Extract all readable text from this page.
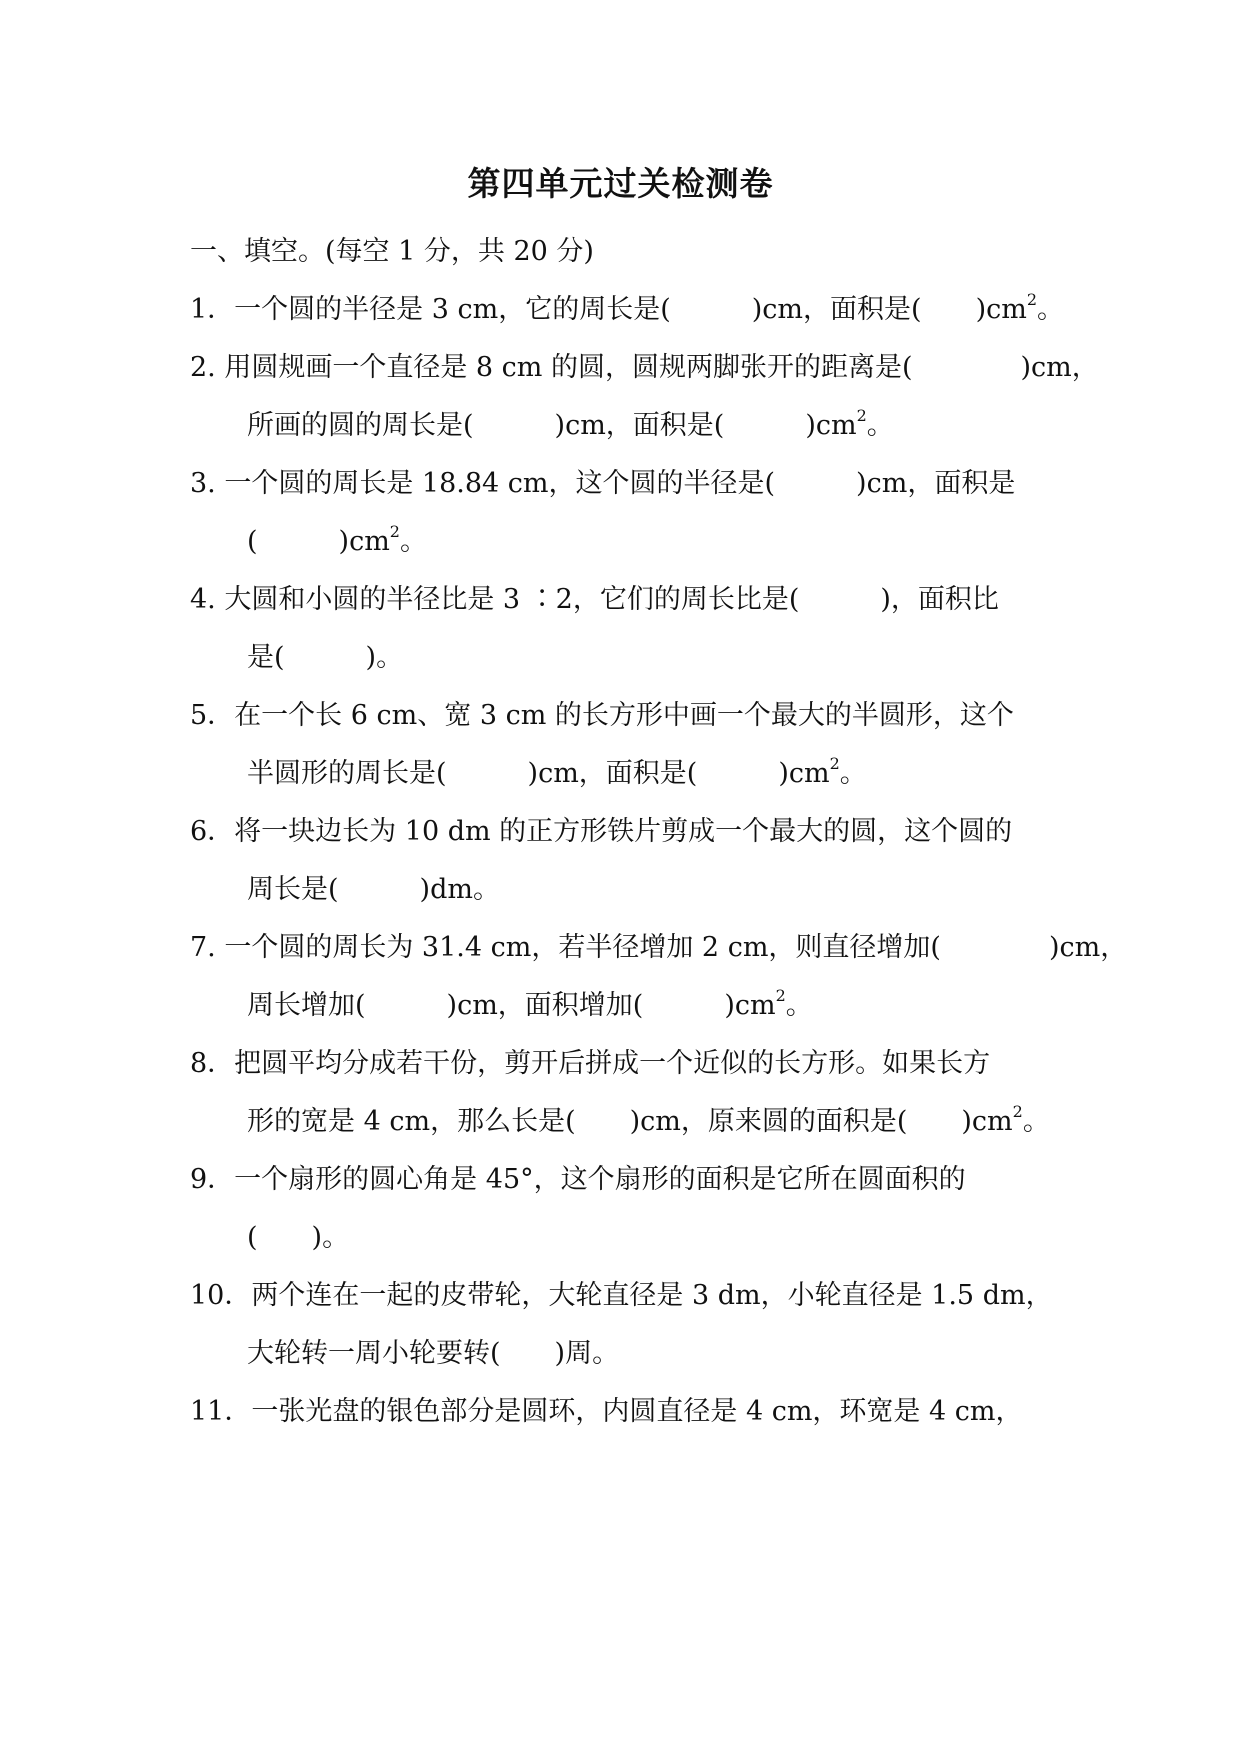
第四单元过关检测卷
一、填空。(每空 1 分，共 20 分)
1．一个圆的半径是 3 cm，它的周长是(　　　)cm，面积是(　　)$cm^2$。
2. 用圆规画一个直径是 8 cm 的圆，圆规两脚张开的距离是(　　　　)cm，
所画的圆的周长是(　　　)cm，面积是(　　　)$cm^2$。
3. 一个圆的周长是 18.84 cm，这个圆的半径是(　　　)cm，面积是
(　　　)$cm^2$。
4. 大圆和小圆的半径比是 3 ∶2，它们的周长比是(　　　)，面积比
是(　　　)。
5．在一个长 6 cm、宽 3 cm 的长方形中画一个最大的半圆形，这个
半圆形的周长是(　　　)cm，面积是(　　　)$cm^2$。
6．将一块边长为 10 dm 的正方形铁片剪成一个最大的圆，这个圆的
周长是(　　　)dm。
7. 一个圆的周长为 31.4 cm，若半径增加 2 cm，则直径增加(　　　　)cm，
周长增加(　　　)cm，面积增加(　　　)$cm^2$。
8．把圆平均分成若干份，剪开后拼成一个近似的长方形。如果长方
形的宽是 4 cm，那么长是(　　)cm，原来圆的面积是(　　)$cm^2$。
9．一个扇形的圆心角是 45°，这个扇形的面积是它所在圆面积的
(　　)。
10．两个连在一起的皮带轮，大轮直径是 3 dm，小轮直径是 1.5 dm，
大轮转一周小轮要转(　　)周。
11．一张光盘的银色部分是圆环，内圆直径是 4 cm，环宽是 4 cm，
